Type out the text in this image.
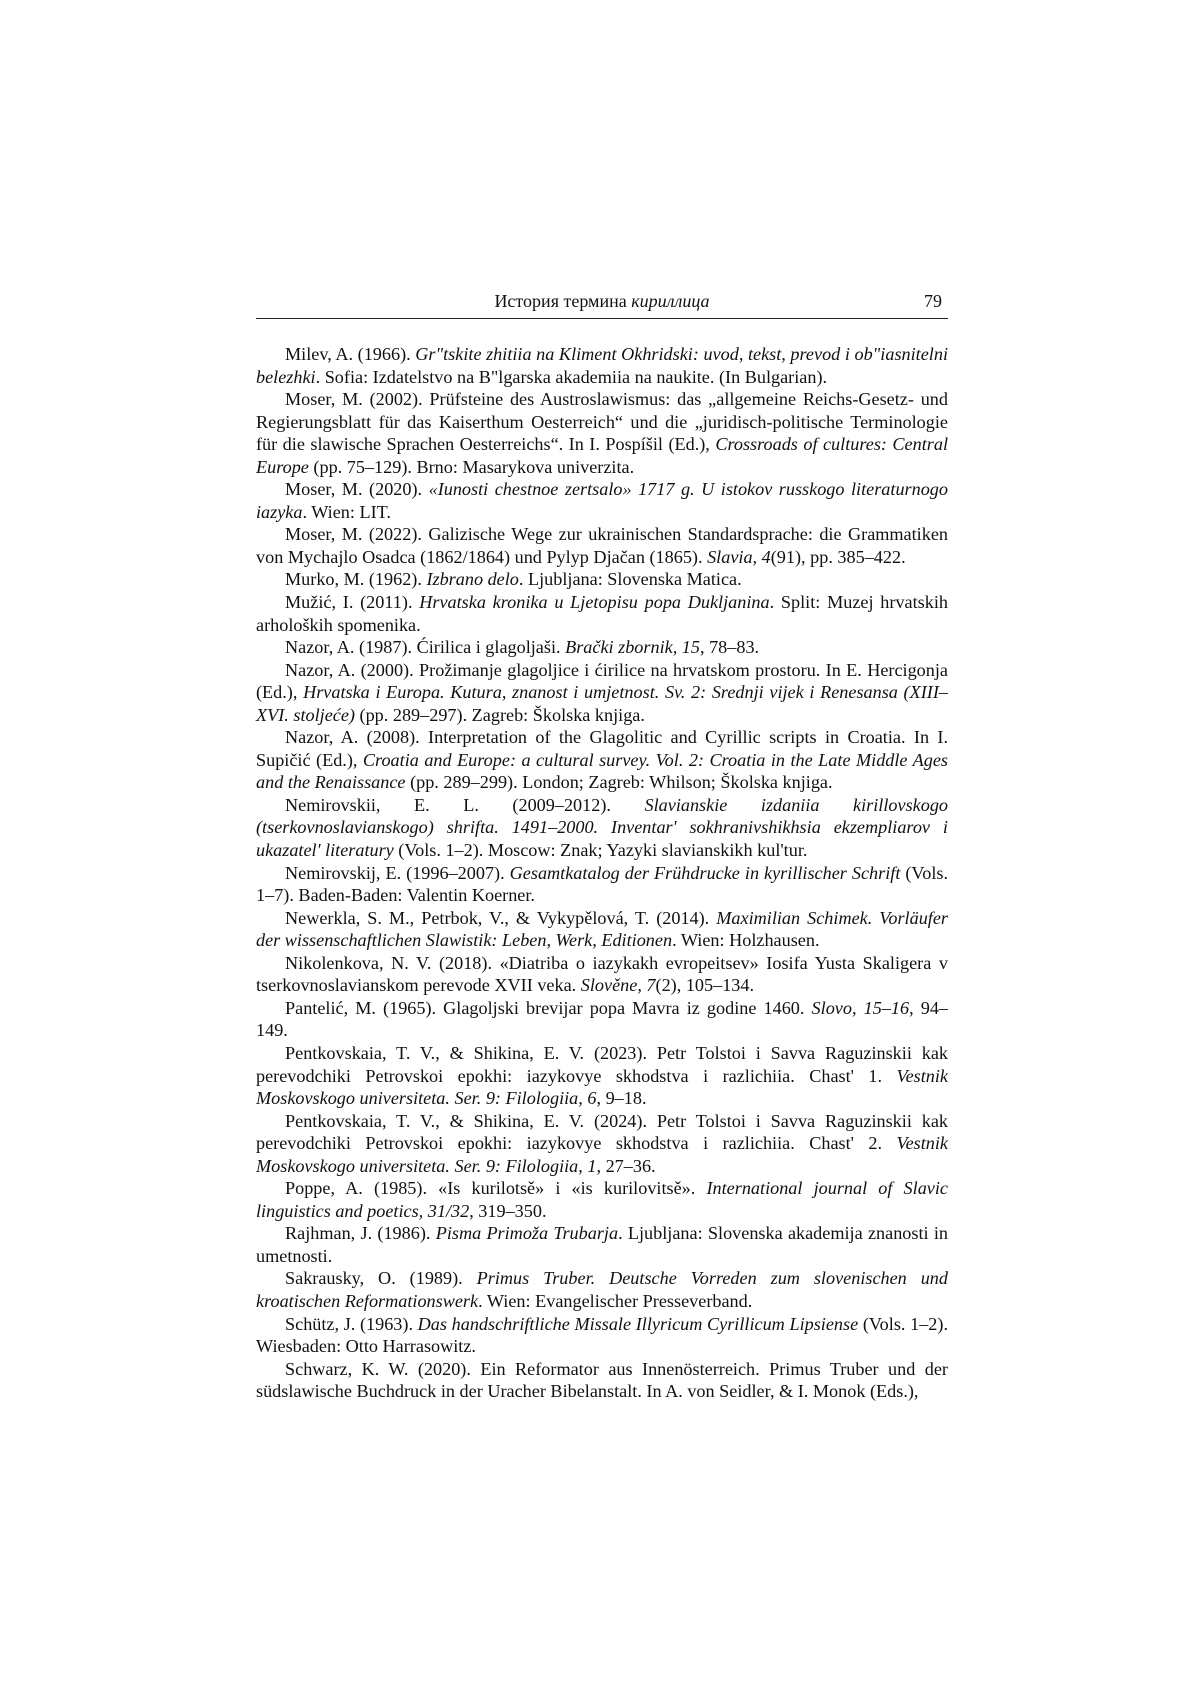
История термина кириллица	79

Milev, A. (1966). Gr"tskite zhitiia na Kliment Okhridski: uvod, tekst, prevod i ob"iasnitelni belezhki. Sofia: Izdatelstvo na B"lgarska akademiia na naukite. (In Bulgarian).

Moser, M. (2002). Prüfsteine des Austroslawismus: das „allgemeine Reichs-Gesetz- und Regierungsblatt für das Kaiserthum Oesterreich“ und die „juridisch-politische Terminologie für die slawische Sprachen Oesterreichs“. In I. Pospíšil (Ed.), Crossroads of cultures: Central Europe (pp. 75–129). Brno: Masarykova univerzita.

Moser, M. (2020). «Iunosti chestnoe zertsalo» 1717 g. U istokov russkogo literaturnogo iazyka. Wien: LIT.

Moser, M. (2022). Galizische Wege zur ukrainischen Standardsprache: die Grammatiken von Mychajlo Osadca (1862/1864) und Pylyp Djačan (1865). Slavia, 4(91), pp. 385–422.

Murko, M. (1962). Izbrano delo. Ljubljana: Slovenska Matica.

Mužić, I. (2011). Hrvatska kronika u Ljetopisu popa Dukljanina. Split: Muzej hrvatskih arholoških spomenika.

Nazor, A. (1987). Ćirilica i glagoljaši. Brački zbornik, 15, 78–83.

Nazor, A. (2000). Prožimanje glagoljice i ćirilice na hrvatskom prostoru. In E. Hercigonja (Ed.), Hrvatska i Europa. Kutura, znanost i umjetnost. Sv. 2: Srednji vijek i Renesansa (XIII–XVI. stoljeće) (pp. 289–297). Zagreb: Školska knjiga.

Nazor, A. (2008). Interpretation of the Glagolitic and Cyrillic scripts in Croatia. In I. Supičić (Ed.), Croatia and Europe: a cultural survey. Vol. 2: Croatia in the Late Middle Ages and the Renaissance (pp. 289–299). London; Zagreb: Whilson; Školska knjiga.

Nemirovskii, E. L. (2009–2012). Slavianskie izdaniia kirillovskogo (tserkovnoslavianskogo) shrifta. 1491–2000. Inventar' sokhranivshikhsia ekzempliarov i ukazatel' literatury (Vols. 1–2). Moscow: Znak; Yazyki slavianskikh kul'tur.

Nemirovskij, E. (1996–2007). Gesamtkatalog der Frühdrucke in kyrillischer Schrift (Vols. 1–7). Baden-Baden: Valentin Koerner.

Newerkla, S. M., Petrbok, V., & Vykypělová, T. (2014). Maximilian Schimek. Vorläufer der wissenschaftlichen Slawistik: Leben, Werk, Editionen. Wien: Holzhausen.

Nikolenkova, N. V. (2018). «Diatriba o iazykakh evropeitsev» Iosifa Yusta Skaligera v tserkovnoslavianskom perevode XVII veka. Slověne, 7(2), 105–134.

Pantelić, M. (1965). Glagoljski brevijar popa Mavra iz godine 1460. Slovo, 15–16, 94–149.

Pentkovskaia, T. V., & Shikina, E. V. (2023). Petr Tolstoi i Savva Raguzinskii kak perevodchiki Petrovskoi epokhi: iazykovye skhodstva i razlichiia. Chast' 1. Vestnik Moskovskogo universiteta. Ser. 9: Filologiia, 6, 9–18.

Pentkovskaia, T. V., & Shikina, E. V. (2024). Petr Tolstoi i Savva Raguzinskii kak perevodchiki Petrovskoi epokhi: iazykovye skhodstva i razlichiia. Chast' 2. Vestnik Moskovskogo universiteta. Ser. 9: Filologiia, 1, 27–36.

Poppe, A. (1985). «Is kurilotsě» i «is kurilovitsě». International journal of Slavic linguistics and poetics, 31/32, 319–350.

Rajhman, J. (1986). Pisma Primoža Trubarja. Ljubljana: Slovenska akademija znanosti in umetnosti.

Sakrausky, O. (1989). Primus Truber. Deutsche Vorreden zum slovenischen und kroatischen Reformationswerk. Wien: Evangelischer Presseverband.

Schütz, J. (1963). Das handschriftliche Missale Illyricum Cyrillicum Lipsiense (Vols. 1–2). Wiesbaden: Otto Harrasowitz.

Schwarz, K. W. (2020). Ein Reformator aus Innenösterreich. Primus Truber und der südslawische Buchdruck in der Uracher Bibelanstalt. In A. von Seidler, & I. Monok (Eds.),
